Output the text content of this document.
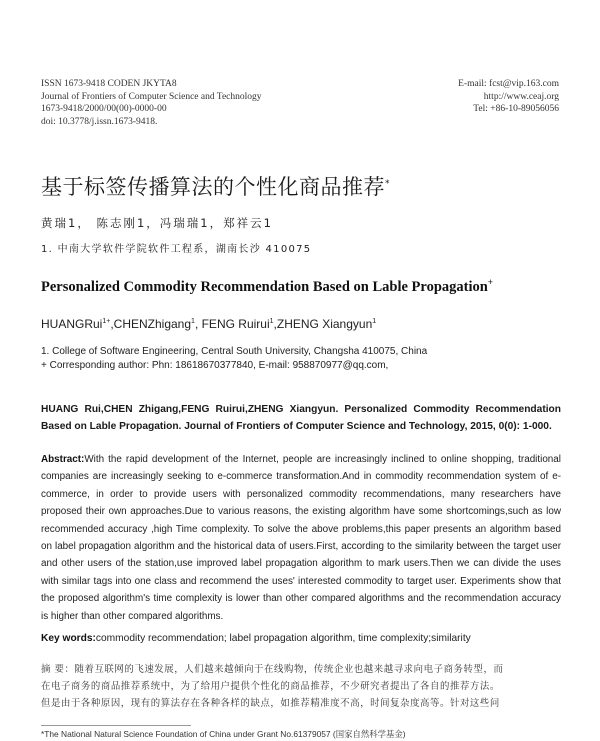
ISSN 1673-9418 CODEN JKYTA8
Journal of Frontiers of Computer Science and Technology
1673-9418/2000/00(00)-0000-00
doi: 10.3778/j.issn.1673-9418.
E-mail: fcst@vip.163.com
http://www.ceaj.org
Tel: +86-10-89056056
基于标签传播算法的个性化商品推荐*
黄瑞1， 陈志刚1，冯瑞瑞1，郑祥云1
1. 中南大学软件学院软件工程系，湖南长沙 410075
Personalized Commodity Recommendation Based on Lable Propagation+
HUANGRui$^{1+}$,CHENZhigang$^1$, FENG Ruirui$^1$,ZHENG Xiangyun$^1$
1. College of Software Engineering, Central South University, Changsha 410075, China
+ Corresponding author: Phn: 18618670377840, E-mail: 958870977@qq.com,
HUANG Rui,CHEN Zhigang,FENG Ruirui,ZHENG Xiangyun. Personalized Commodity Recommendation Based on Lable Propagation. Journal of Frontiers of Computer Science and Technology, 2015, 0(0): 1-000.
Abstract:With the rapid development of the Internet, people are increasingly inclined to online shopping, traditional companies are increasingly seeking to e-commerce transformation.And in commodity recommendation system of e-commerce, in order to provide users with personalized commodity recommendations, many researchers have proposed their own approaches.Due to various reasons, the existing algorithm have some shortcomings,such as low recommended accuracy ,high Time complexity. To solve the above problems,this paper presents an algorithm based on label propagation algorithm and the historical data of users.First, according to the similarity between the target user and other users of the station,use improved label propagation algorithm to mark users.Then we can divide the uses with similar tags into one class and recommend the uses' interested commodity to target user. Experiments show that the proposed algorithm's time complexity is lower than other compared algorithms and the recommendation accuracy is higher than other compared algorithms.
Key words:commodity recommendation; label propagation algorithm, time complexity;similarity
摘 要：随着互联网的飞速发展，人们越来越倾向于在线购物，传统企业也越来越寻求向电子商务转型，而
在电子商务的商品推荐系统中，为了给用户提供个性化的商品推荐，不少研究者提出了各自的推荐方法。
但是由于各种原因，现有的算法存在各种各样的缺点，如推荐精准度不高，时间复杂度高等。针对这些问
*The National Natural Science Foundation of China under Grant No.61379057 (国家自然科学基金)
